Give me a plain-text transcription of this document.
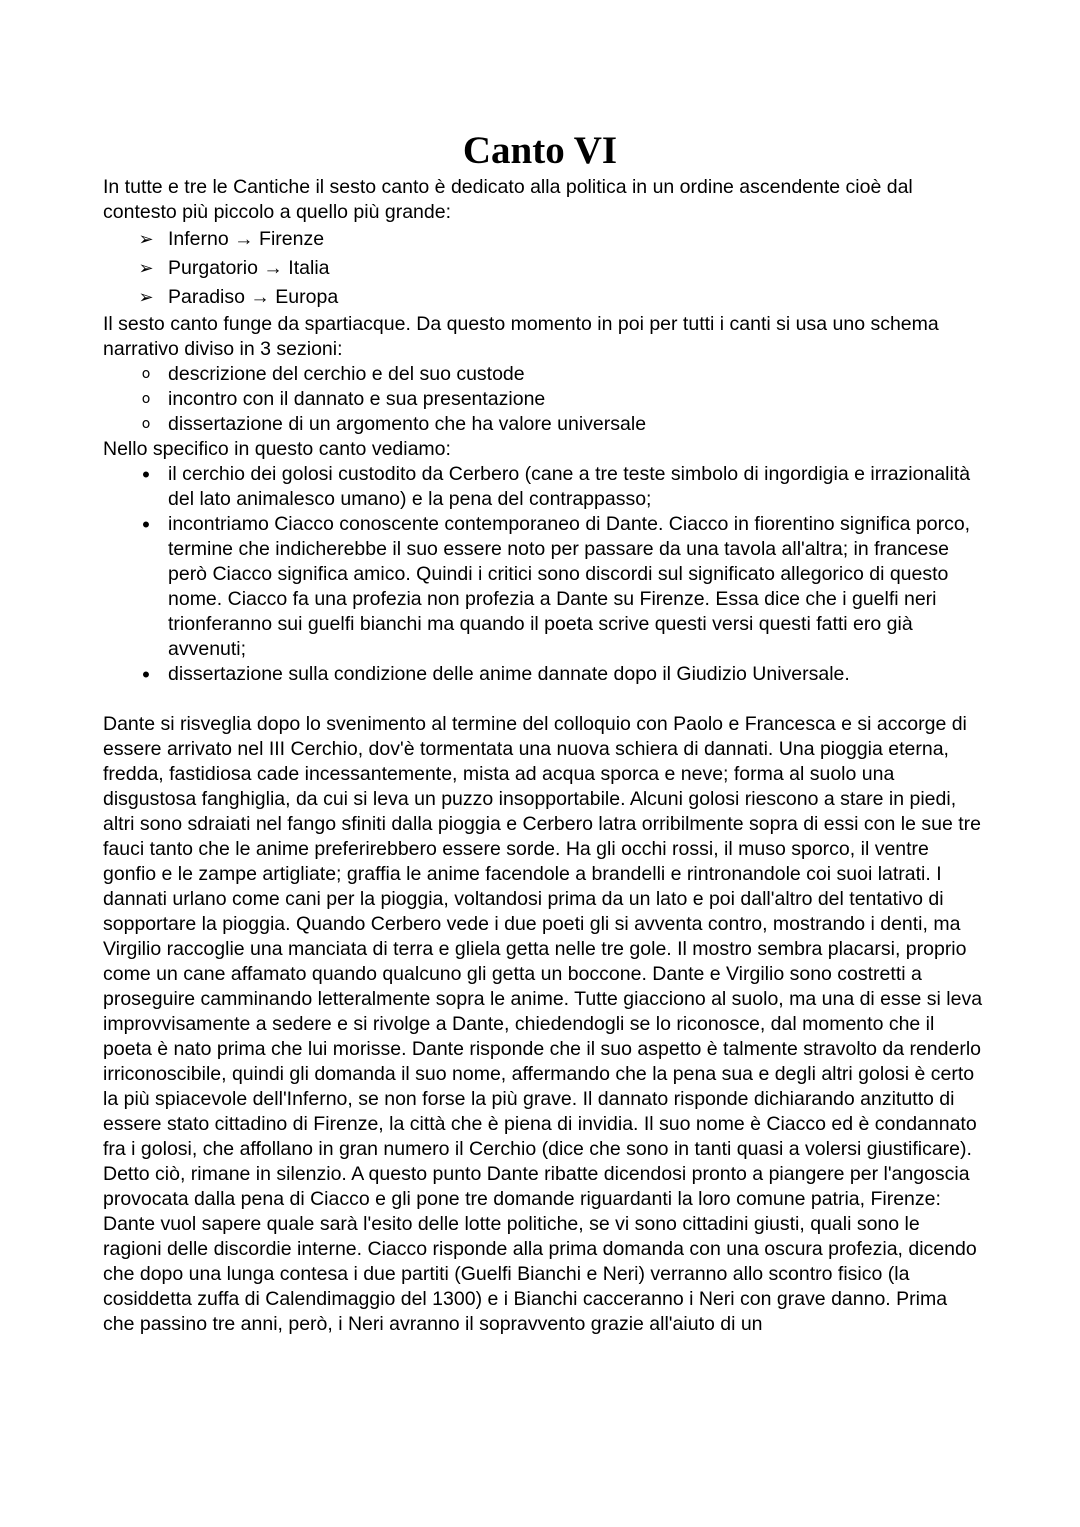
Canto VI

In tutte e tre le Cantiche il sesto canto è dedicato alla politica in un ordine ascendente cioè dal contesto più piccolo a quello più grande:

➢ Inferno → Firenze
➢ Purgatorio → Italia
➢ Paradiso → Europa

Il sesto canto funge da spartiacque. Da questo momento in poi per tutti i canti si usa uno schema narrativo diviso in 3 sezioni:

o descrizione del cerchio e del suo custode
o incontro con il dannato e sua presentazione
o dissertazione di un argomento che ha valore universale

Nello specifico in questo canto vediamo:

• il cerchio dei golosi custodito da Cerbero (cane a tre teste simbolo di ingordigia e irrazionalità del lato animalesco umano) e la pena del contrappasso;
• incontriamo Ciacco conoscente contemporaneo di Dante. Ciacco in fiorentino significa porco, termine che indicherebbe il suo essere noto per passare da una tavola all'altra; in francese però Ciacco significa amico. Quindi i critici sono discordi sul significato allegorico di questo nome. Ciacco fa una profezia non profezia a Dante su Firenze. Essa dice che i guelfi neri trionferanno sui guelfi bianchi ma quando il poeta scrive questi versi questi fatti ero già avvenuti;
• dissertazione sulla condizione delle anime dannate dopo il Giudizio Universale.

Dante si risveglia dopo lo svenimento al termine del colloquio con Paolo e Francesca e si accorge di essere arrivato nel III Cerchio, dov'è tormentata una nuova schiera di dannati. Una pioggia eterna, fredda, fastidiosa cade incessantemente, mista ad acqua sporca e neve; forma al suolo una disgustosa fanghiglia, da cui si leva un puzzo insopportabile. Alcuni golosi riescono a stare in piedi, altri sono sdraiati nel fango sfiniti dalla pioggia e Cerbero latra orribilmente sopra di essi con le sue tre fauci tanto che le anime preferirebbero essere sorde. Ha gli occhi rossi, il muso sporco, il ventre gonfio e le zampe artigliate; graffia le anime facendole a brandelli e rintronandole coi suoi latrati. I dannati urlano come cani per la pioggia, voltandosi prima da un lato e poi dall'altro del tentativo di sopportare la pioggia. Quando Cerbero vede i due poeti gli si avventa contro, mostrando i denti, ma Virgilio raccoglie una manciata di terra e gliela getta nelle tre gole. Il mostro sembra placarsi, proprio come un cane affamato quando qualcuno gli getta un boccone. Dante e Virgilio sono costretti a proseguire camminando letteralmente sopra le anime. Tutte giacciono al suolo, ma una di esse si leva improvvisamente a sedere e si rivolge a Dante, chiedendogli se lo riconosce, dal momento che il poeta è nato prima che lui morisse. Dante risponde che il suo aspetto è talmente stravolto da renderlo irriconoscibile, quindi gli domanda il suo nome, affermando che la pena sua e degli altri golosi è certo la più spiacevole dell'Inferno, se non forse la più grave. Il dannato risponde dichiarando anzitutto di essere stato cittadino di Firenze, la città che è piena di invidia. Il suo nome è Ciacco ed è condannato fra i golosi, che affollano in gran numero il Cerchio (dice che sono in tanti quasi a volersi giustificare). Detto ciò, rimane in silenzio. A questo punto Dante ribatte dicendosi pronto a piangere per l'angoscia provocata dalla pena di Ciacco e gli pone tre domande riguardanti la loro comune patria, Firenze: Dante vuol sapere quale sarà l'esito delle lotte politiche, se vi sono cittadini giusti, quali sono le ragioni delle discordie interne. Ciacco risponde alla prima domanda con una oscura profezia, dicendo che dopo una lunga contesa i due partiti (Guelfi Bianchi e Neri) verranno allo scontro fisico (la cosiddetta zuffa di Calendimaggio del 1300) e i Bianchi cacceranno i Neri con grave danno. Prima che passino tre anni, però, i Neri avranno il sopravvento grazie all'aiuto di un
